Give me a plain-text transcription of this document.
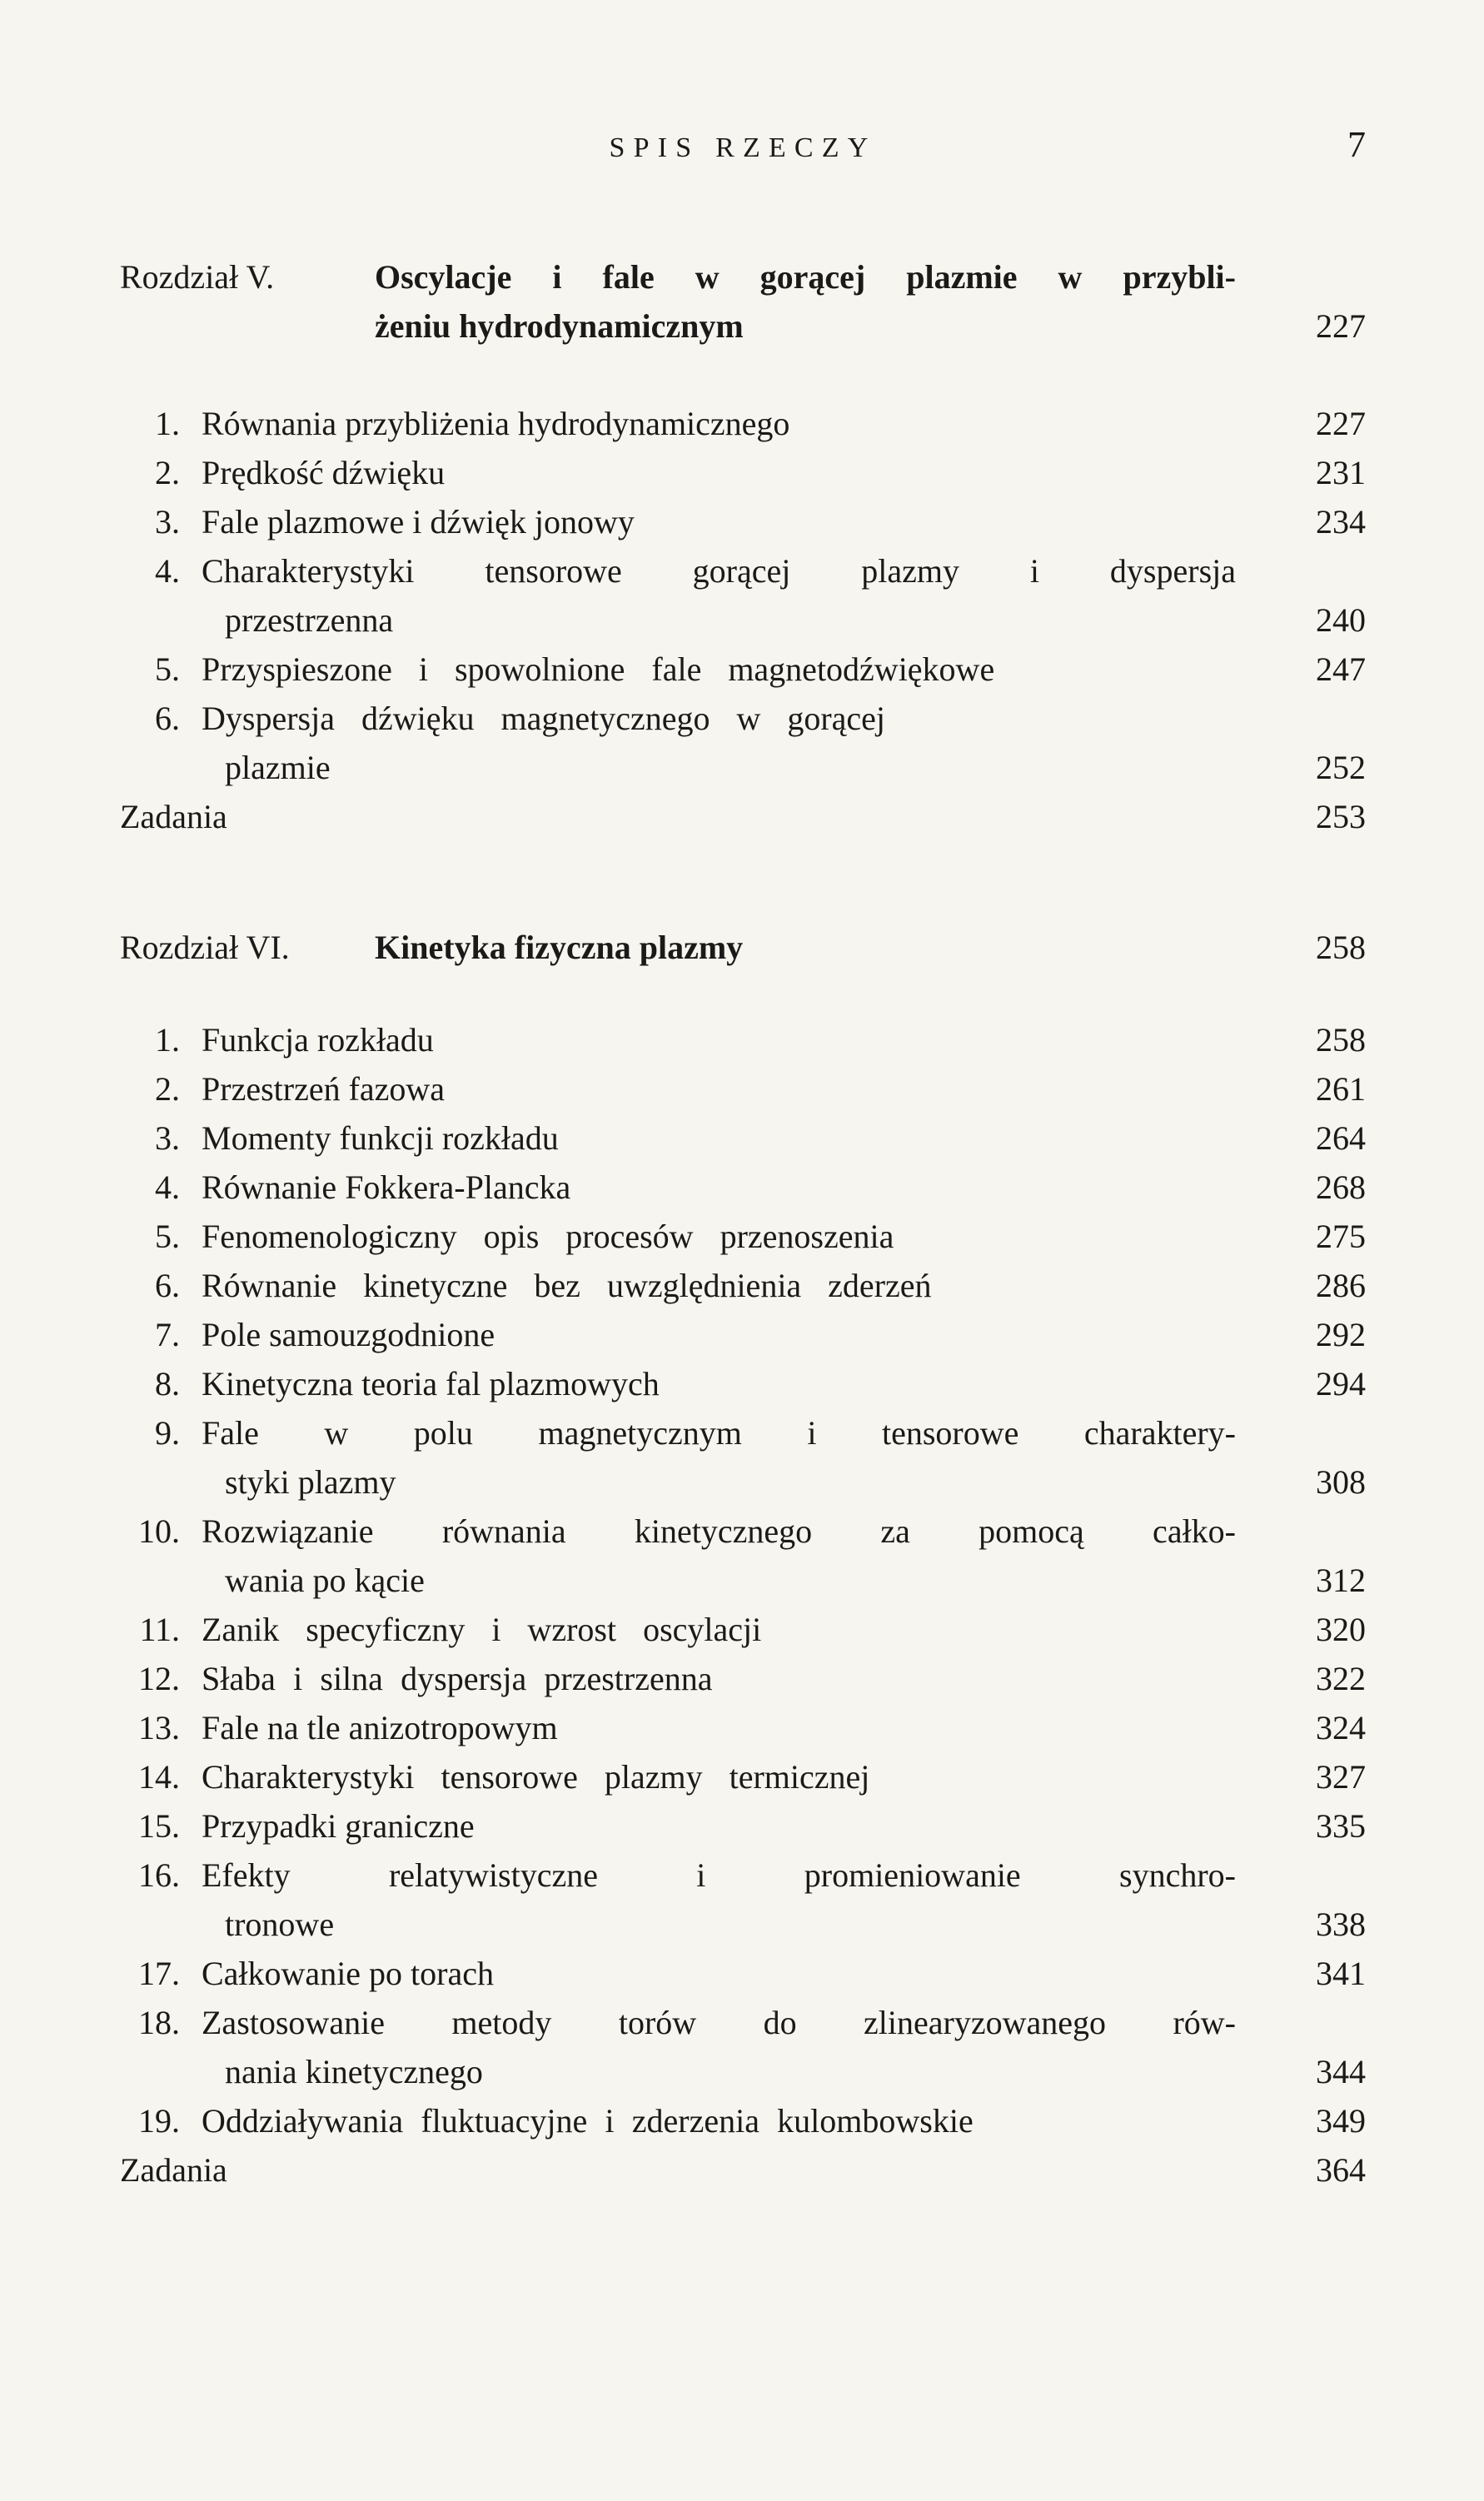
SPIS RZECZY	7
Rozdział V.	Oscylacje i fale w gorącej plazmie w przybli-
żeniu hydrodynamicznym	227
1. Równania przybliżenia hydrodynamicznego	227
2. Prędkość dźwięku	231
3. Fale plazmowe i dźwięk jonowy	234
4. Charakterystyki tensorowe gorącej plazmy i dyspersja
przestrzenna	240
5. Przyspieszone i spowolnione fale magnetodźwiękowe	247
6. Dyspersja dźwięku magnetycznego w gorącej
plazmie	252
Zadania	253
Rozdział VI.	Kinetyka fizyczna plazmy	258
1. Funkcja rozkładu	258
2. Przestrzeń fazowa	261
3. Momenty funkcji rozkładu	264
4. Równanie Fokkera-Plancka	268
5. Fenomenologiczny opis procesów przenoszenia	275
6. Równanie kinetyczne bez uwzględnienia zderzeń	286
7. Pole samouzgodnione	292
8. Kinetyczna teoria fal plazmowych	294
9. Fale w polu magnetycznym i tensorowe charaktery-
styki plazmy	308
10. Rozwiązanie równania kinetycznego za pomocą całko-
wania po kącie	312
11. Zanik specyficzny i wzrost oscylacji	320
12. Słaba i silna dyspersja przestrzenna	322
13. Fale na tle anizotropowym	324
14. Charakterystyki tensorowe plazmy termicznej	327
15. Przypadki graniczne	335
16. Efekty relatywistyczne i promieniowanie synchro-
tronowe	338
17. Całkowanie po torach	341
18. Zastosowanie metody torów do zlinearyzowanego rów-
nania kinetycznego	344
19. Oddziaływania fluktuacyjne i zderzenia kulombowskie	349
Zadania	364
